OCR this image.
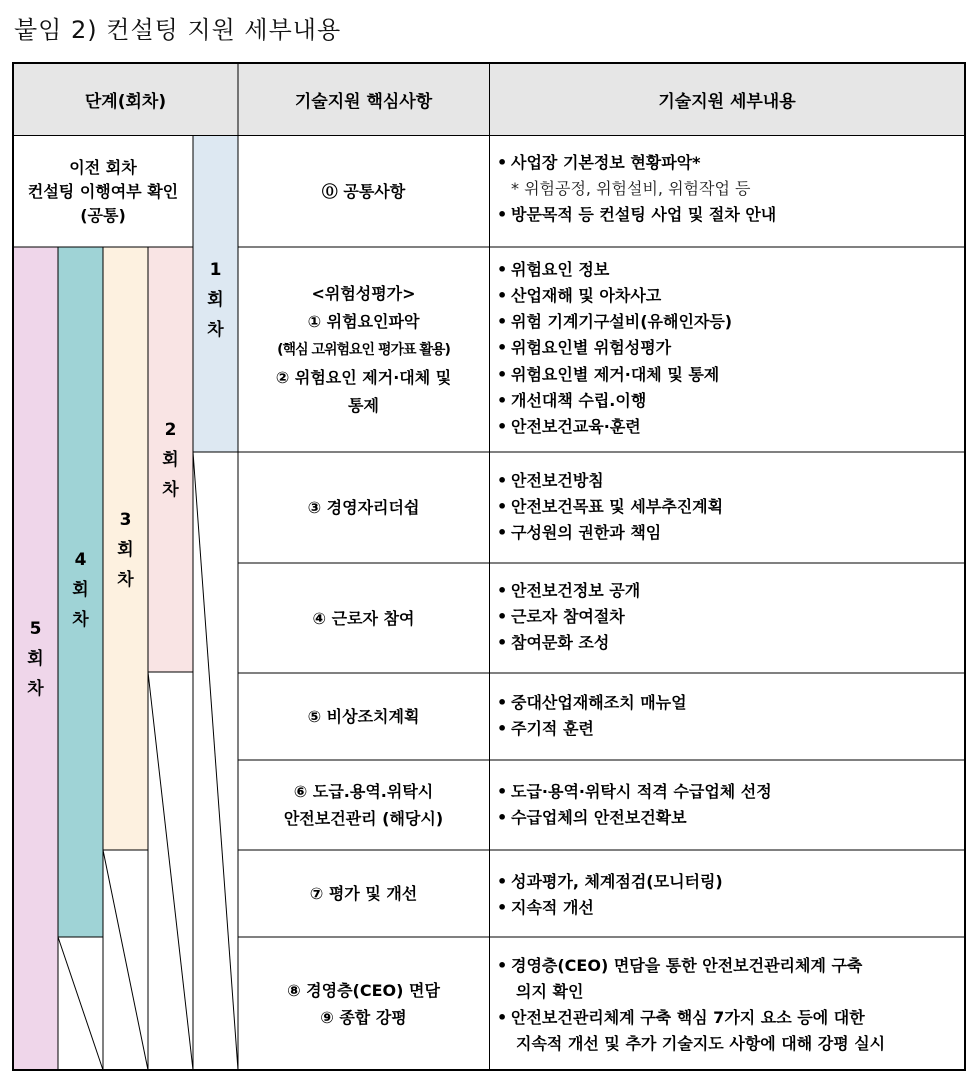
붙임 2) 컨설팅 지원 세부내용
단계(회차)	기술지원 핵심사항	기술지원 세부내용
이전 회차
컨설팅 이행여부 확인
(공통)
1
회
차
2
회
차
3
회
차
4
회
차
5
회
차
⓪ 공통사항
<위험성평가>
① 위험요인파악
(핵심 고위험요인 평가표 활용)
② 위험요인 제거·대체 및
통제
③ 경영자리더쉽
④ 근로자 참여
⑤ 비상조치계획
⑥ 도급.용역.위탁시
안전보건관리 (해당시)
⑦ 평가 및 개선
⑧ 경영층(CEO) 면담
⑨ 종합 강평
• 사업장 기본정보 현황파악*
* 위험공정, 위험설비, 위험작업 등
• 방문목적 등 컨설팅 사업 및 절차 안내
• 위험요인 정보
• 산업재해 및 아차사고
• 위험 기계기구설비(유해인자등)
• 위험요인별 위험성평가
• 위험요인별 제거·대체 및 통제
• 개선대책 수립.이행
• 안전보건교육·훈련
• 안전보건방침
• 안전보건목표 및 세부추진계획
• 구성원의 권한과 책임
• 안전보건정보 공개
• 근로자 참여절차
• 참여문화 조성
• 중대산업재해조치 매뉴얼
• 주기적 훈련
• 도급·용역·위탁시 적격 수급업체 선정
• 수급업체의 안전보건확보
• 성과평가, 체계점검(모니터링)
• 지속적 개선
• 경영층(CEO) 면담을 통한 안전보건관리체계 구축
의지 확인
• 안전보건관리체계 구축 핵심 7가지 요소 등에 대한
지속적 개선 및 추가 기술지도 사항에 대해 강평 실시
